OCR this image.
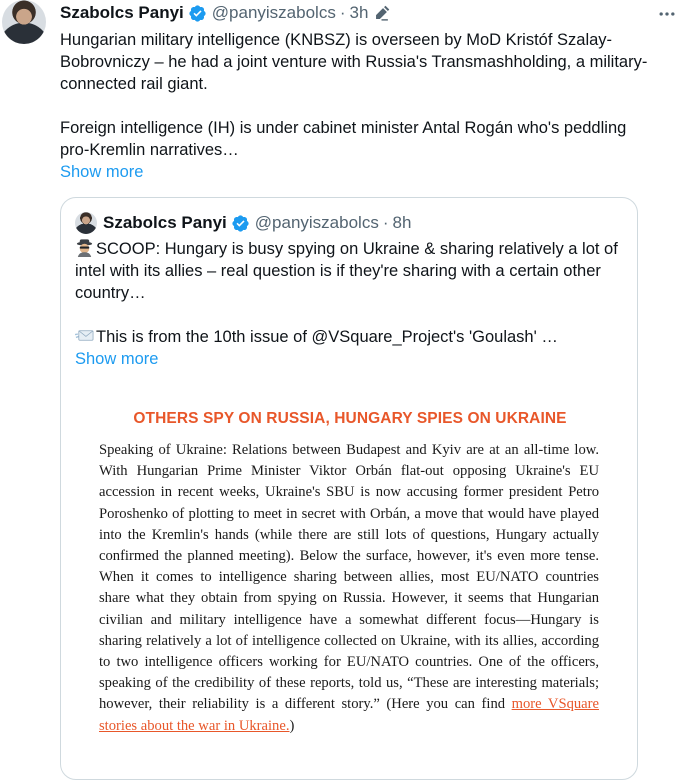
Szabolcs Panyi @panyiszabolcs · 3h

Hungarian military intelligence (KNBSZ) is overseen by MoD Kristóf Szalay-Bobrovniczy – he had a joint venture with Russia's Transmashholding, a military-connected rail giant.

Foreign intelligence (IH) is under cabinet minister Antal Rogán who's peddling pro-Kremlin narratives…

Show more
Szabolcs Panyi @panyiszabolcs · 8h

SCOOP: Hungary is busy spying on Ukraine & sharing relatively a lot of intel with its allies – real question is if they're sharing with a certain other country…

This is from the 10th issue of @VSquare_Project's 'Goulash' …

Show more
OTHERS SPY ON RUSSIA, HUNGARY SPIES ON UKRAINE
Speaking of Ukraine: Relations between Budapest and Kyiv are at an all-time low. With Hungarian Prime Minister Viktor Orbán flat-out opposing Ukraine's EU accession in recent weeks, Ukraine's SBU is now accusing former president Petro Poroshenko of plotting to meet in secret with Orbán, a move that would have played into the Kremlin's hands (while there are still lots of questions, Hungary actually confirmed the planned meeting). Below the surface, however, it's even more tense. When it comes to intelligence sharing between allies, most EU/NATO countries share what they obtain from spying on Russia. However, it seems that Hungarian civilian and military intelligence have a somewhat different focus—Hungary is sharing relatively a lot of intelligence collected on Ukraine, with its allies, according to two intelligence officers working for EU/NATO countries. One of the officers, speaking of the credibility of these reports, told us, “These are interesting materials; however, their reliability is a different story.” (Here you can find more VSquare stories about the war in Ukraine.)
